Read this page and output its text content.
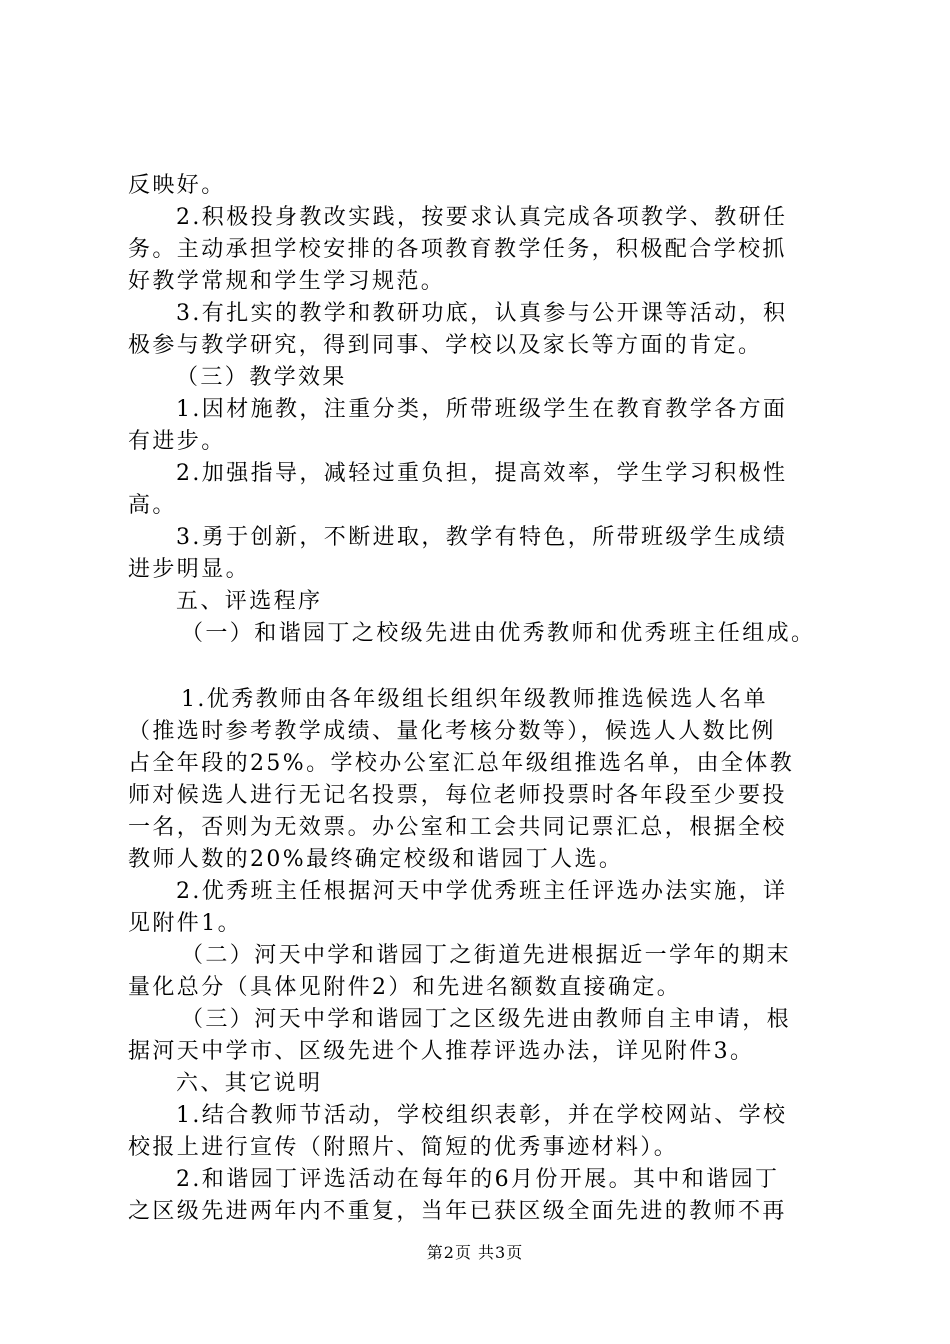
反映好。
2.积极投身教改实践，按要求认真完成各项教学、教研任
务。主动承担学校安排的各项教育教学任务，积极配合学校抓
好教学常规和学生学习规范。
3.有扎实的教学和教研功底，认真参与公开课等活动，积
极参与教学研究，得到同事、学校以及家长等方面的肯定。
（三）教学效果
1.因材施教，注重分类，所带班级学生在教育教学各方面
有进步。
2.加强指导，减轻过重负担，提高效率，学生学习积极性
高。
3.勇于创新，不断进取，教学有特色，所带班级学生成绩
进步明显。
五、评选程序
（一）和谐园丁之校级先进由优秀教师和优秀班主任组成。
1.优秀教师由各年级组长组织年级教师推选候选人名单
（推选时参考教学成绩、量化考核分数等），候选人人数比例
占全年段的25%。学校办公室汇总年级组推选名单，由全体教
师对候选人进行无记名投票，每位老师投票时各年段至少要投
一名，否则为无效票。办公室和工会共同记票汇总，根据全校
教师人数的20%最终确定校级和谐园丁人选。
2.优秀班主任根据河天中学优秀班主任评选办法实施，详
见附件1。
（二）河天中学和谐园丁之街道先进根据近一学年的期末
量化总分（具体见附件2）和先进名额数直接确定。
（三）河天中学和谐园丁之区级先进由教师自主申请，根
据河天中学市、区级先进个人推荐评选办法，详见附件3。
六、其它说明
1.结合教师节活动，学校组织表彰，并在学校网站、学校
校报上进行宣传（附照片、简短的优秀事迹材料）。
2.和谐园丁评选活动在每年的6月份开展。其中和谐园丁
之区级先进两年内不重复，当年已获区级全面先进的教师不再
第2页 共3页
